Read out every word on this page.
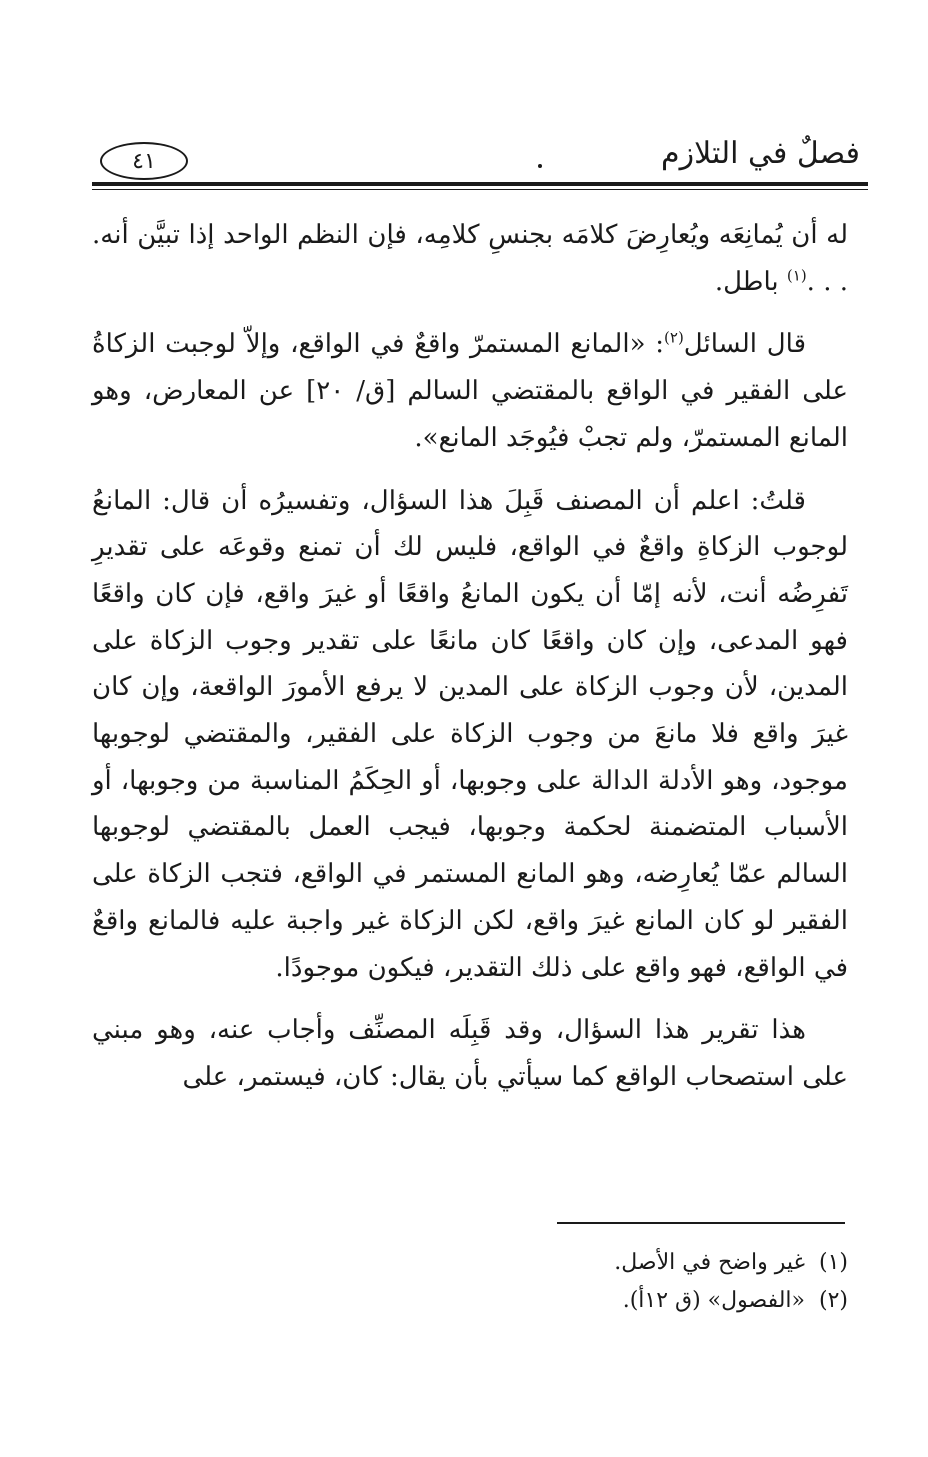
فصلٌ في التلازم
٤١

له أن يُمانِعَه ويُعارِضَ كلامَه بجنسِ كلامِه، فإن النظم الواحد إذا تبيَّن أنه. . . .$^{(١)}$ باطل.

قال السائل$^{(٢)}$: «المانع المستمرّ واقعٌ في الواقع، وإلاّ لوجبت الزكاةُ على الفقير في الواقع بالمقتضي السالم [ق/ ٢٠] عن المعارض، وهو المانع المستمرّ، ولم تجبْ فيُوجَد المانع».

قلتُ: اعلم أن المصنف قَبِلَ هذا السؤال، وتفسيرُه أن قال: المانعُ لوجوب الزكاةِ واقعٌ في الواقع، فليس لك أن تمنع وقوعَه على تقديرِ تَفرِضُه أنت، لأنه إمّا أن يكون المانعُ واقعًا أو غيرَ واقع، فإن كان واقعًا فهو المدعى، وإن كان واقعًا كان مانعًا على تقدير وجوب الزكاة على المدين، لأن وجوب الزكاة على المدين لا يرفع الأمورَ الواقعة، وإن كان غيرَ واقع فلا مانعَ من وجوب الزكاة على الفقير، والمقتضي لوجوبها موجود، وهو الأدلة الدالة على وجوبها، أو الحِكَمُ المناسبة من وجوبها، أو الأسباب المتضمنة لحكمة وجوبها، فيجب العمل بالمقتضي لوجوبها السالم عمّا يُعارِضه، وهو المانع المستمر في الواقع، فتجب الزكاة على الفقير لو كان المانع غيرَ واقع، لكن الزكاة غير واجبة عليه فالمانع واقعٌ في الواقع، فهو واقع على ذلك التقدير، فيكون موجودًا.

هذا تقرير هذا السؤال، وقد قَبِلَه المصنِّف وأجاب عنه، وهو مبني على استصحاب الواقع كما سيأتي بأن يقال: كان، فيستمر، على

(١)غير واضح في الأصل.
(٢)«الفصول» (ق ١٢أ).
